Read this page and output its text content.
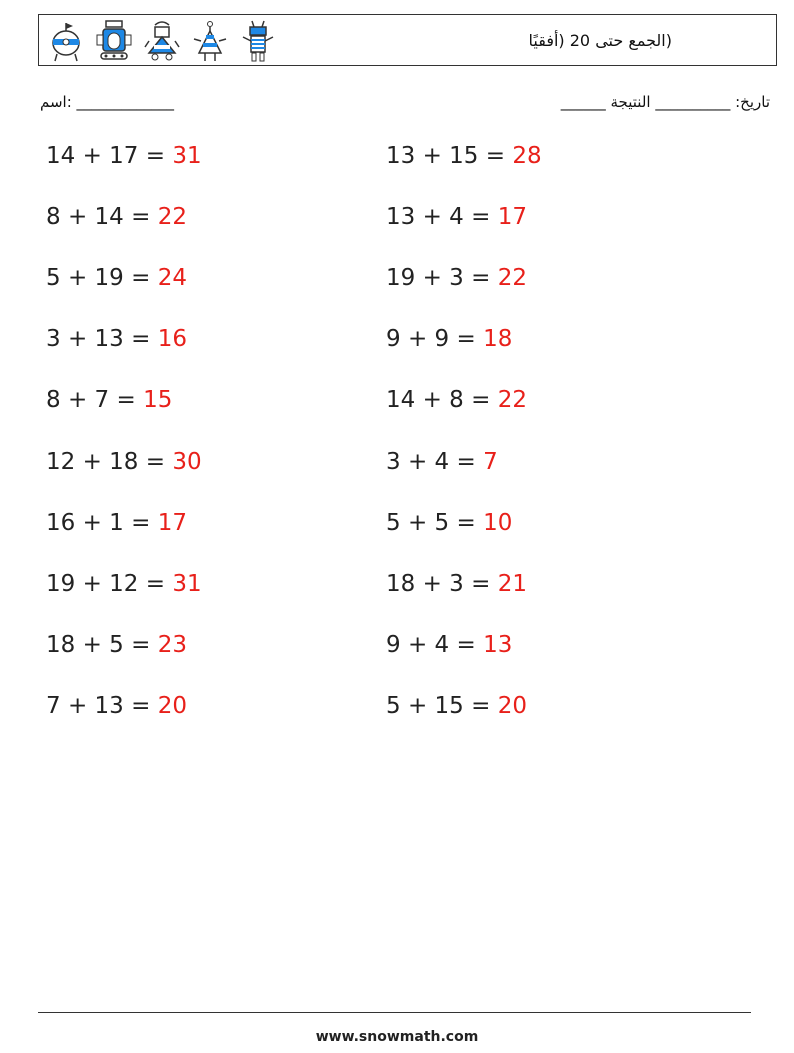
(الجمع حتى 20 (أفقيًا
اسم: _____________	تاريخ: __________ النتيجة ______
14 + 17 = 31	13 + 15 = 28
8 + 14 = 22	13 + 4 = 17
5 + 19 = 24	19 + 3 = 22
3 + 13 = 16	9 + 9 = 18
8 + 7 = 15	14 + 8 = 22
12 + 18 = 30	3 + 4 = 7
16 + 1 = 17	5 + 5 = 10
19 + 12 = 31	18 + 3 = 21
18 + 5 = 23	9 + 4 = 13
7 + 13 = 20	5 + 15 = 20
www.snowmath.com
